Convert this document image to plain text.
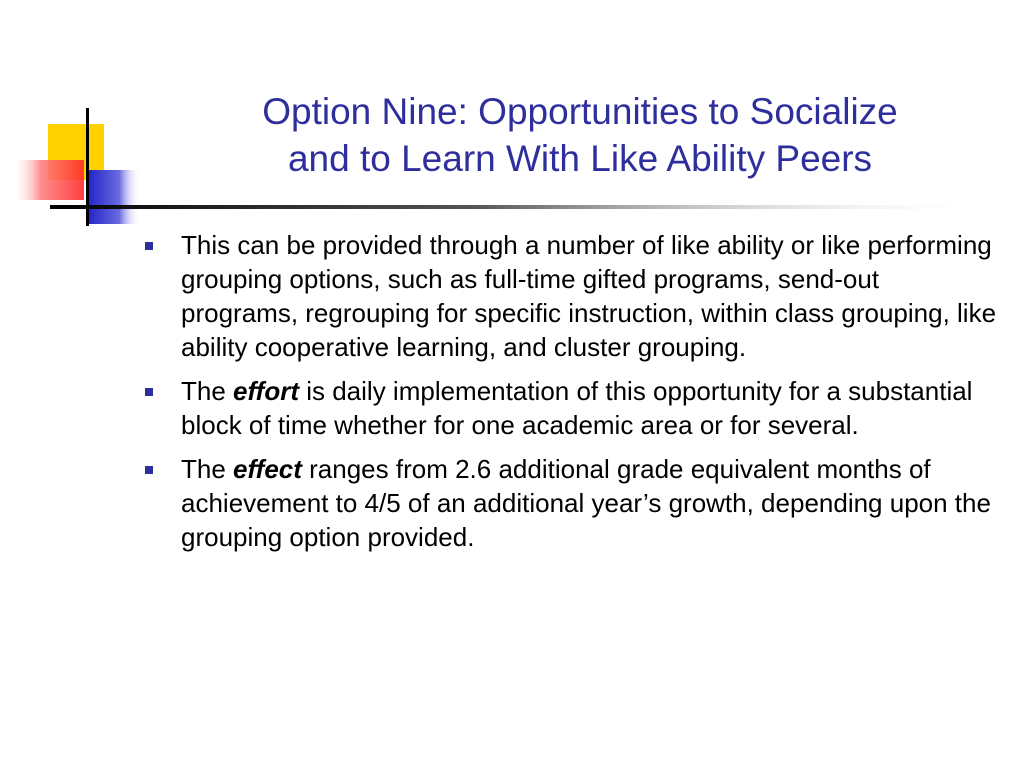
Option Nine: Opportunities to Socialize
and to Learn With Like Ability Peers
This can be provided through a number of like ability or like performing grouping options, such as full-time gifted programs, send-out programs, regrouping for specific instruction, within class grouping, like ability cooperative learning, and cluster grouping.
The effort is daily implementation of this opportunity for a substantial block of time whether for one academic area or for several.
The effect ranges from 2.6 additional grade equivalent months of achievement to 4/5 of an additional year’s growth, depending upon the grouping option provided.
